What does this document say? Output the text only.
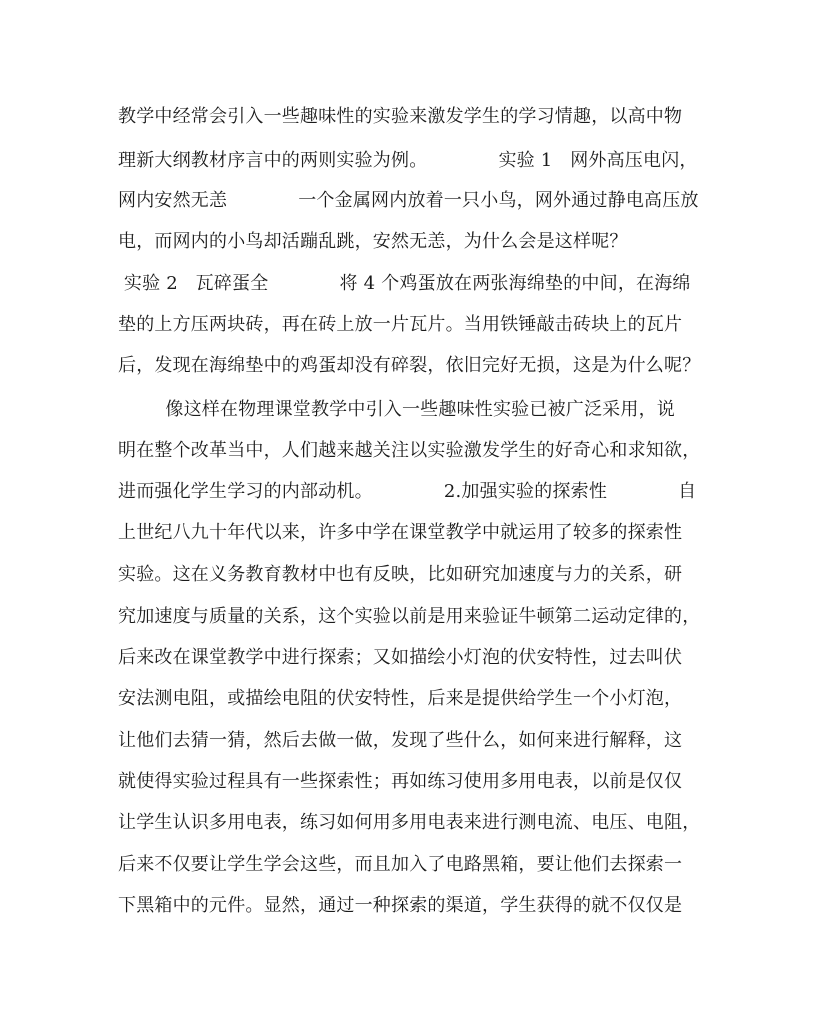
教学中经常会引入一些趣味性的实验来激发学生的学习情趣，以高中物
理新大纲教材序言中的两则实验为例。            实验 1   网外高压电闪，
网内安然无恙            一个金属网内放着一只小鸟，网外通过静电高压放
电，而网内的小鸟却活蹦乱跳，安然无恙，为什么会是这样呢？
实验 2   瓦碎蛋全            将 4 个鸡蛋放在两张海绵垫的中间，在海绵
垫的上方压两块砖，再在砖上放一片瓦片。当用铁锤敲击砖块上的瓦片
后，发现在海绵垫中的鸡蛋却没有碎裂，依旧完好无损，这是为什么呢？
像这样在物理课堂教学中引入一些趣味性实验已被广泛采用，说
明在整个改革当中，人们越来越关注以实验激发学生的好奇心和求知欲，
进而强化学生学习的内部动机。            2.加强实验的探索性            自
上世纪八九十年代以来，许多中学在课堂教学中就运用了较多的探索性
实验。这在义务教育教材中也有反映，比如研究加速度与力的关系，研
究加速度与质量的关系，这个实验以前是用来验证牛顿第二运动定律的，
后来改在课堂教学中进行探索；又如描绘小灯泡的伏安特性，过去叫伏
安法测电阻，或描绘电阻的伏安特性，后来是提供给学生一个小灯泡，
让他们去猜一猜，然后去做一做，发现了些什么，如何来进行解释，这
就使得实验过程具有一些探索性；再如练习使用多用电表，以前是仅仅
让学生认识多用电表，练习如何用多用电表来进行测电流、电压、电阻，
后来不仅要让学生学会这些，而且加入了电路黑箱，要让他们去探索一
下黑箱中的元件。显然，通过一种探索的渠道，学生获得的就不仅仅是
